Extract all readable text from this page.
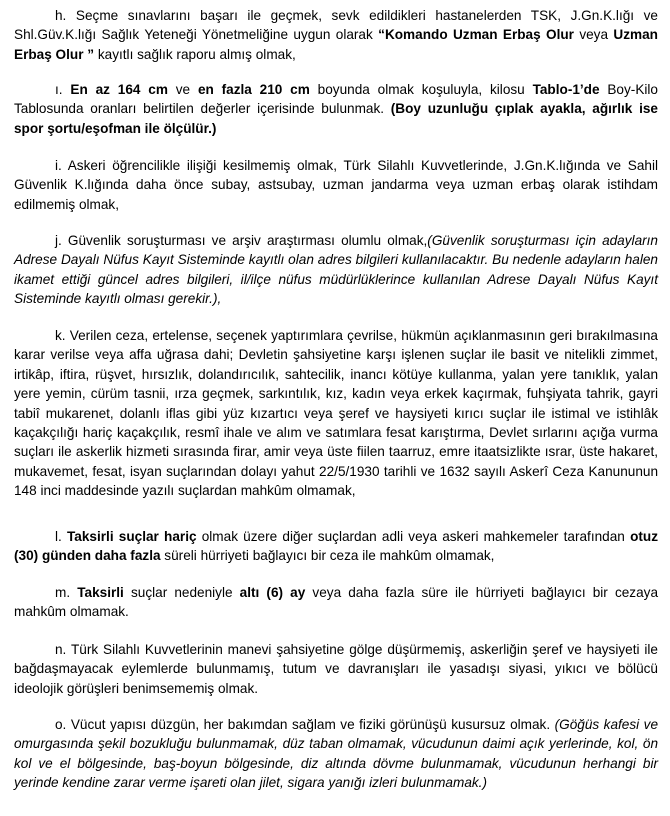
h. Seçme sınavlarını başarı ile geçmek, sevk edildikleri hastanelerden TSK, J.Gn.K.lığı ve Shl.Güv.K.lığı Sağlık Yeteneği Yönetmeliğine uygun olarak “Komando Uzman Erbaş Olur veya Uzman Erbaş Olur ” kayıtlı sağlık raporu almış olmak,

ı. En az 164 cm ve en fazla 210 cm boyunda olmak koşuluyla, kilosu Tablo-1’de Boy-Kilo Tablosunda oranları belirtilen değerler içerisinde bulunmak. (Boy uzunluğu çıplak ayakla, ağırlık ise spor şortu/eşofman ile ölçülür.)

i. Askeri öğrencilikle ilişiği kesilmemiş olmak, Türk Silahlı Kuvvetlerinde, J.Gn.K.lığında ve Sahil Güvenlik K.lığında daha önce subay, astsubay, uzman jandarma veya uzman erbaş olarak istihdam edilmemiş olmak,

j. Güvenlik soruşturması ve arşiv araştırması olumlu olmak,(Güvenlik soruşturması için adayların Adrese Dayalı Nüfus Kayıt Sisteminde kayıtlı olan adres bilgileri kullanılacaktır. Bu nedenle adayların halen ikamet ettiği güncel adres bilgileri, il/ilçe nüfus müdürlüklerince kullanılan Adrese Dayalı Nüfus Kayıt Sisteminde kayıtlı olması gerekir.),

k. Verilen ceza, ertelense, seçenek yaptırımlara çevrilse, hükmün açıklanmasının geri bırakılmasına karar verilse veya affa uğrasa dahi; Devletin şahsiyetine karşı işlenen suçlar ile basit ve nitelikli zimmet, irtikâp, iftira, rüşvet, hırsızlık, dolandırıcılık, sahtecilik, inancı kötüye kullanma, yalan yere tanıklık, yalan yere yemin, cürüm tasnii, ırza geçmek, sarkıntılık, kız, kadın veya erkek kaçırmak, fuhşiyata tahrik, gayri tabiî mukarenet, dolanlı iflas gibi yüz kızartıcı veya şeref ve haysiyeti kırıcı suçlar ile istimal ve istihlâk kaçakçılığı hariç kaçakçılık, resmî ihale ve alım ve satımlara fesat karıştırma, Devlet sırlarını açığa vurma suçları ile askerlik hizmeti sırasında firar, amir veya üste fiilen taarruz, emre itaatsizlikte ısrar, üste hakaret, mukavemet, fesat, isyan suçlarından dolayı yahut 22/5/1930 tarihli ve 1632 sayılı Askerî Ceza Kanununun 148 inci maddesinde yazılı suçlardan mahkûm olmamak,

l. Taksirli suçlar hariç olmak üzere diğer suçlardan adli veya askeri mahkemeler tarafından otuz (30) günden daha fazla süreli hürriyeti bağlayıcı bir ceza ile mahkûm olmamak,

m. Taksirli suçlar nedeniyle altı (6) ay veya daha fazla süre ile hürriyeti bağlayıcı bir cezaya mahkûm olmamak.

n. Türk Silahlı Kuvvetlerinin manevi şahsiyetine gölge düşürmemiş, askerliğin şeref ve haysiyeti ile bağdaşmayacak eylemlerde bulunmamış, tutum ve davranışları ile yasadışı siyasi, yıkıcı ve bölücü ideolojik görüşleri benimsememiş olmak.

o. Vücut yapısı düzgün, her bakımdan sağlam ve fiziki görünüşü kusursuz olmak. (Göğüs kafesi ve omurgasında şekil bozukluğu bulunmamak, düz taban olmamak, vücudunun daimi açık yerlerinde, kol, ön kol ve el bölgesinde, baş-boyun bölgesinde, diz altında dövme bulunmamak, vücudunun herhangi bir yerinde kendine zarar verme işareti olan jilet, sigara yanığı izleri bulunmamak.)
